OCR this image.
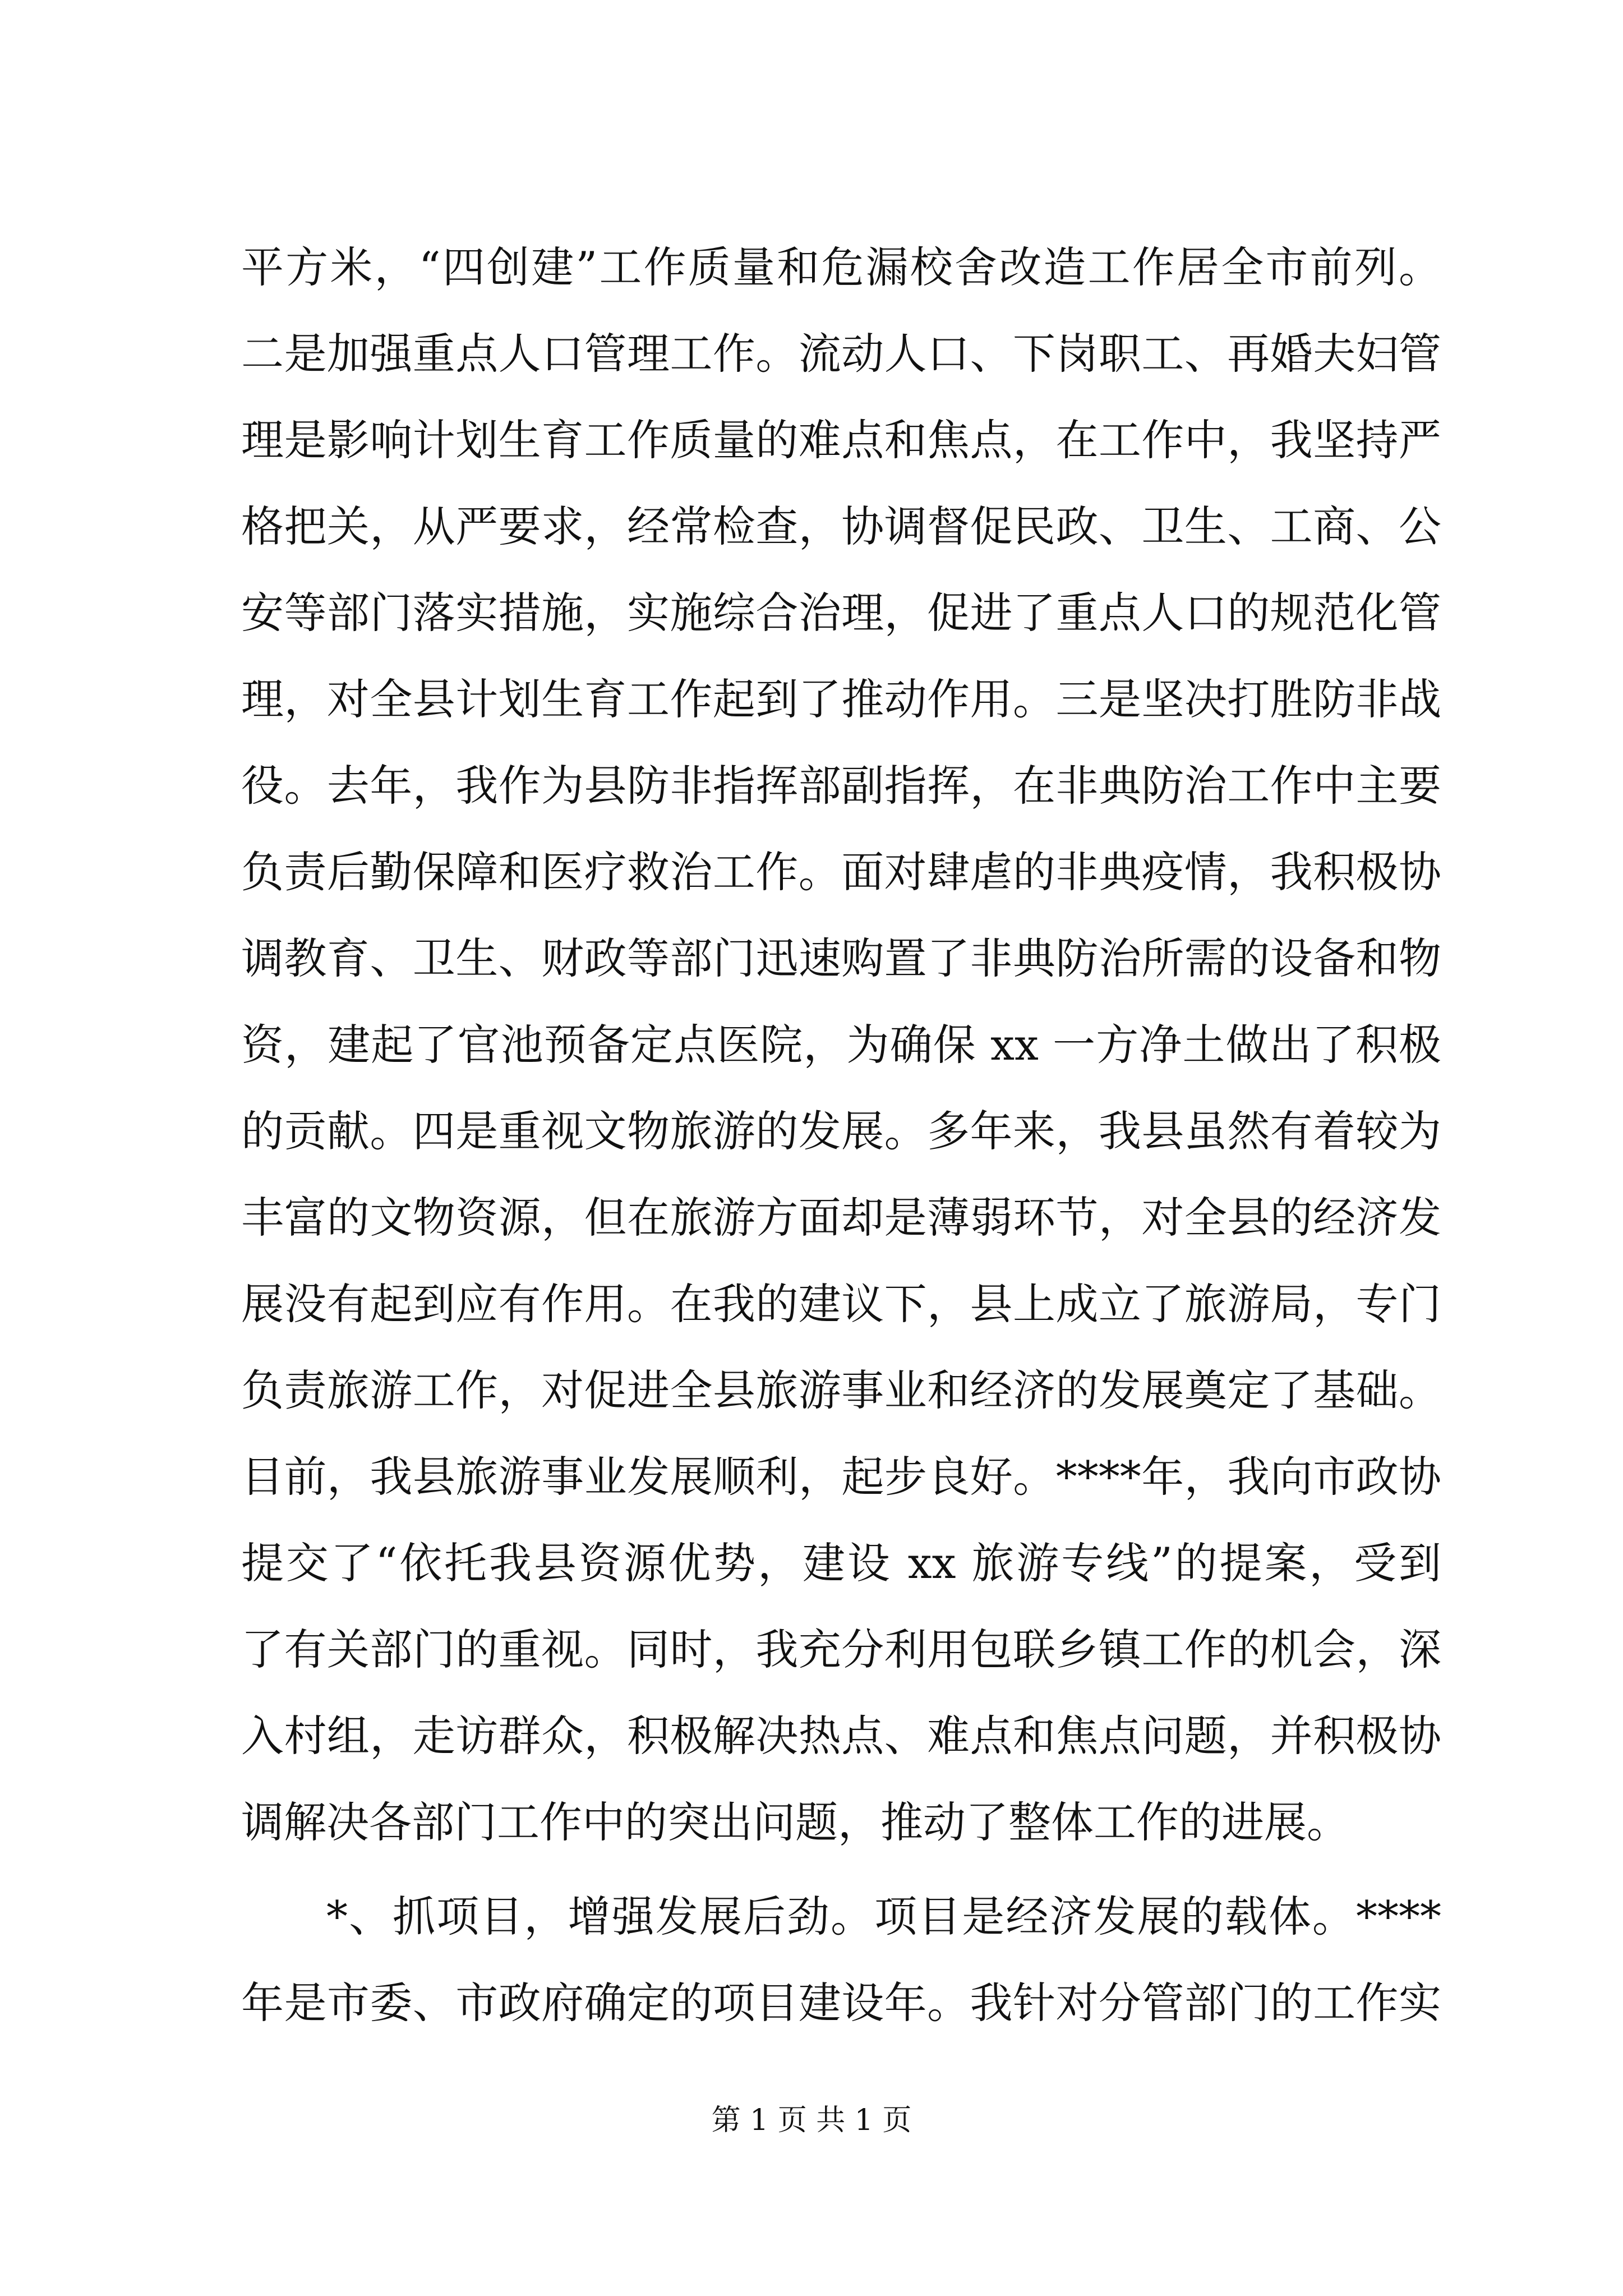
平方米，“四创建”工作质量和危漏校舍改造工作居全市前列。
二是加强重点人口管理工作。流动人口、下岗职工、再婚夫妇管
理是影响计划生育工作质量的难点和焦点，在工作中，我坚持严
格把关，从严要求，经常检查，协调督促民政、卫生、工商、公
安等部门落实措施，实施综合治理，促进了重点人口的规范化管
理，对全县计划生育工作起到了推动作用。三是坚决打胜防非战
役。去年，我作为县防非指挥部副指挥，在非典防治工作中主要
负责后勤保障和医疗救治工作。面对肆虐的非典疫情，我积极协
调教育、卫生、财政等部门迅速购置了非典防治所需的设备和物
资，建起了官池预备定点医院，为确保 xx 一方净土做出了积极
的贡献。四是重视文物旅游的发展。多年来，我县虽然有着较为
丰富的文物资源，但在旅游方面却是薄弱环节，对全县的经济发
展没有起到应有作用。在我的建议下，县上成立了旅游局，专门
负责旅游工作，对促进全县旅游事业和经济的发展奠定了基础。
目前，我县旅游事业发展顺利，起步良好。****年，我向市政协
提交了“依托我县资源优势，建设 xx 旅游专线”的提案，受到
了有关部门的重视。同时，我充分利用包联乡镇工作的机会，深
入村组，走访群众，积极解决热点、难点和焦点问题，并积极协
调解决各部门工作中的突出问题，推动了整体工作的进展。
*、抓项目，增强发展后劲。项目是经济发展的载体。****
年是市委、市政府确定的项目建设年。我针对分管部门的工作实
第 1 页 共 1 页
